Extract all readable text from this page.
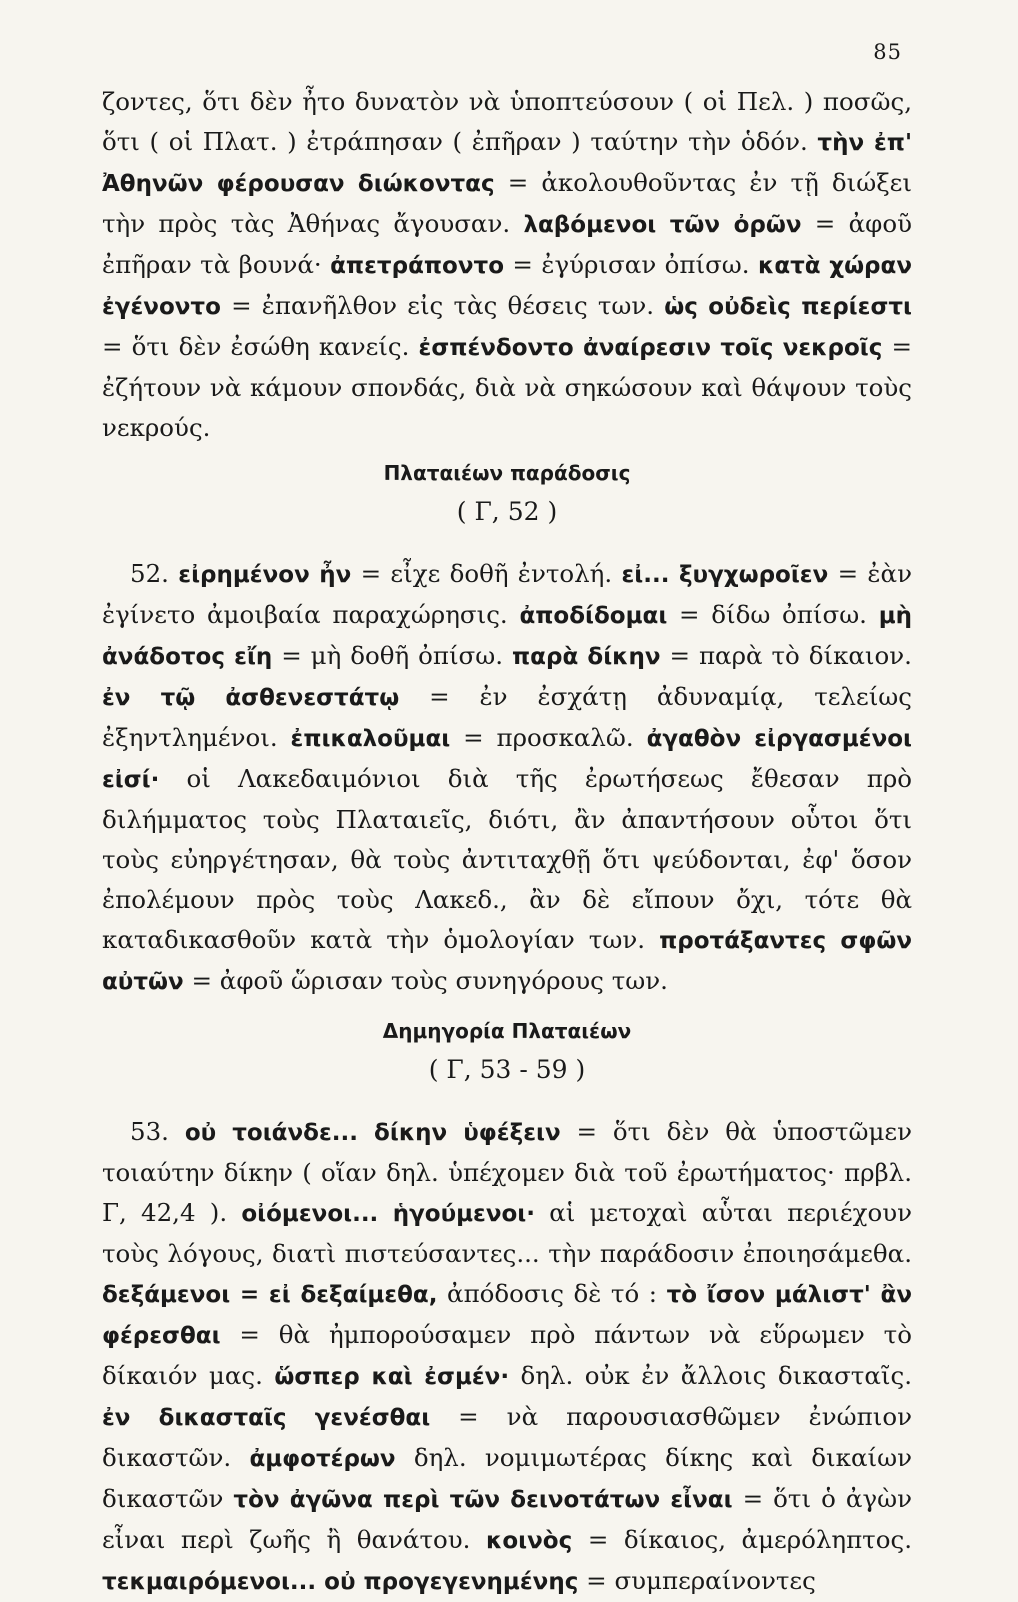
85

ζοντες, ὅτι δὲν ἦτο δυνατὸν νὰ ὑποπτεύσουν ( οἱ Πελ. ) ποσῶς, ὅτι ( οἱ Πλατ. ) ἐτράπησαν ( ἐπῆραν ) ταύτην τὴν ὁδόν. τὴν ἐπ' Ἀθηνῶν φέρουσαν διώκοντας = ἀκολουθοῦντας ἐν τῇ διώξει τὴν πρὸς τὰς Ἀθήνας ἄγουσαν. λαβόμενοι τῶν ὀρῶν = ἀφοῦ ἐπῆραν τὰ βουνά· ἀπετράποντο = ἐγύρισαν ὀπίσω. κατὰ χώραν ἐγένοντο = ἐπανῆλθον εἰς τὰς θέσεις των. ὡς οὐδεὶς περίεστι = ὅτι δὲν ἐσώθη κανείς. ἐσπένδοντο ἀναίρεσιν τοῖς νεκροῖς = ἐζήτουν νὰ κάμουν σπονδάς, διὰ νὰ σηκώσουν καὶ θάψουν τοὺς νεκρούς.

Πλαταιέων παράδοσις
( Γ, 52 )

52. εἰρημένον ἦν = εἶχε δοθῆ ἐντολή. εἰ... ξυγχωροῖεν = ἐὰν ἐγίνετο ἀμοιβαία παραχώρησις. ἀποδίδομαι = δίδω ὀπίσω. μὴ ἀνάδοτος εἴη = μὴ δοθῆ ὀπίσω. παρὰ δίκην = παρὰ τὸ δίκαιον. ἐν τῷ ἀσθενεστάτῳ = ἐν ἐσχάτῃ ἀδυναμίᾳ, τελείως ἐξηντλημένοι. ἐπικαλοῦμαι = προσκαλῶ. ἀγαθὸν εἰργασμένοι εἰσί· οἱ Λακεδαιμόνιοι διὰ τῆς ἐρωτήσεως ἔθεσαν πρὸ διλήμματος τοὺς Πλαταιεῖς, διότι, ἂν ἀπαντήσουν οὗτοι ὅτι τοὺς εὐηργέτησαν, θὰ τοὺς ἀντιταχθῇ ὅτι ψεύδονται, ἐφ' ὅσον ἐπολέμουν πρὸς τοὺς Λακεδ., ἂν δὲ εἴπουν ὄχι, τότε θὰ καταδικασθοῦν κατὰ τὴν ὁμολογίαν των. προτάξαντες σφῶν αὐτῶν = ἀφοῦ ὥρισαν τοὺς συνηγόρους των.

Δημηγορία Πλαταιέων
( Γ, 53 - 59 )

53. οὐ τοιάνδε... δίκην ὑφέξειν = ὅτι δὲν θὰ ὑποστῶμεν τοιαύτην δίκην ( οἵαν δηλ. ὑπέχομεν διὰ τοῦ ἐρωτήματος· πρβλ. Γ, 42,4 ). οἰόμενοι... ἡγούμενοι· αἱ μετοχαὶ αὗται περιέχουν τοὺς λόγους, διατὶ πιστεύσαντες... τὴν παράδοσιν ἐποιησάμεθα. δεξάμενοι = εἰ δεξαίμεθα, ἀπόδοσις δὲ τό : τὸ ἴσον μάλιστ' ἂν φέρεσθαι = θὰ ἠμπορούσαμεν πρὸ πάντων νὰ εὕρωμεν τὸ δίκαιόν μας. ὥσπερ καὶ ἐσμέν· δηλ. οὐκ ἐν ἄλλοις δικασταῖς. ἐν δικασταῖς γενέσθαι = νὰ παρουσιασθῶμεν ἐνώπιον δικαστῶν. ἀμφοτέρων δηλ. νομιμωτέρας δίκης καὶ δικαίων δικαστῶν τὸν ἀγῶνα περὶ τῶν δεινοτάτων εἶναι = ὅτι ὁ ἀγὼν εἶναι περὶ ζωῆς ἢ θανάτου. κοινὸς = δίκαιος, ἀμερόληπτος. τεκμαιρόμενοι... οὐ προγεγενημένης = συμπεραίνοντες
